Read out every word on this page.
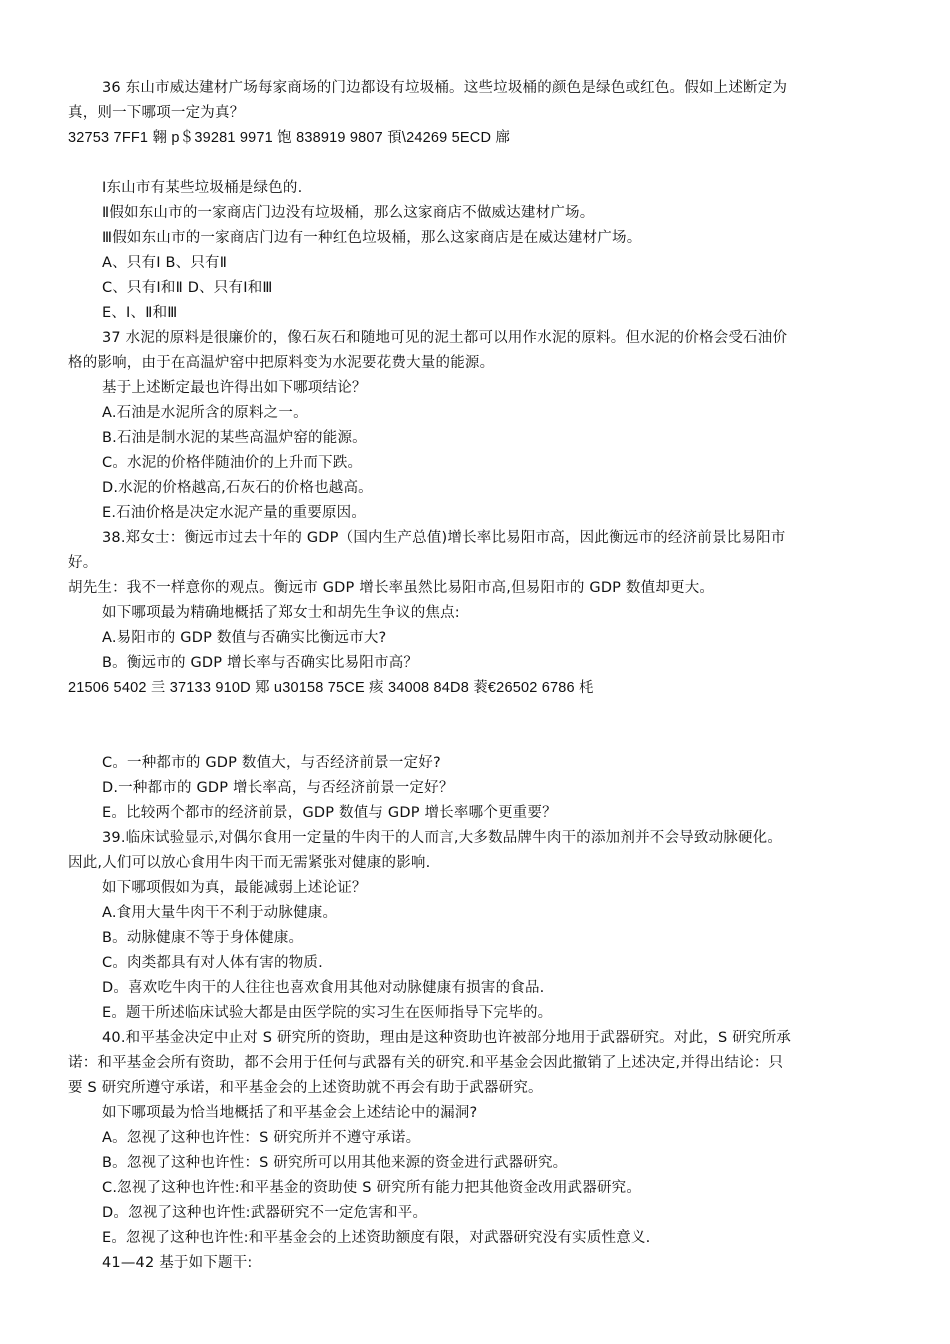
36 东山市威达建材广场每家商场的门边都设有垃圾桶。这些垃圾桶的颜色是绿色或红色。假如上述断定为
真，则一下哪项一定为真？
32753 7FF1 翱 p＄39281 9971 饱 838919 9807 頇\24269 5ECD 廍
Ⅰ东山市有某些垃圾桶是绿色的.
Ⅱ假如东山市的一家商店门边没有垃圾桶，那么这家商店不做威达建材广场。
Ⅲ假如东山市的一家商店门边有一种红色垃圾桶，那么这家商店是在威达建材广场。
A、只有Ⅰ B、只有Ⅱ
C、只有Ⅰ和Ⅱ D、只有Ⅰ和Ⅲ
E、Ⅰ、Ⅱ和Ⅲ
37 水泥的原料是很廉价的，像石灰石和随地可见的泥土都可以用作水泥的原料。但水泥的价格会受石油价
格的影响，由于在高温炉窑中把原料变为水泥要花费大量的能源。
基于上述断定最也许得出如下哪项结论？
A.石油是水泥所含的原料之一。
B.石油是制水泥的某些高温炉窑的能源。
C。水泥的价格伴随油价的上升而下跌。
D.水泥的价格越高,石灰石的价格也越高。
E.石油价格是决定水泥产量的重要原因。
38.郑女士：衡远市过去十年的 GDP（国内生产总值)增长率比易阳市高，因此衡远市的经济前景比易阳市
好。
胡先生：我不一样意你的观点。衡远市 GDP 增长率虽然比易阳市高,但易阳市的 GDP 数值却更大。
如下哪项最为精确地概括了郑女士和胡先生争议的焦点:
A.易阳市的 GDP 数值与否确实比衡远市大?
B。衡远市的 GDP 增长率与否确实比易阳市高？
21506 5402 亖 37133 910D 鄍 u30158 75CE 痎 34008 84D8 蓘€26502 6786 枆
C。一种都市的 GDP 数值大，与否经济前景一定好?
D.一种都市的 GDP 增长率高，与否经济前景一定好？
E。比较两个都市的经济前景，GDP 数值与 GDP 增长率哪个更重要？
39.临床试验显示,对偶尔食用一定量的牛肉干的人而言,大多数品牌牛肉干的添加剂并不会导致动脉硬化。
因此,人们可以放心食用牛肉干而无需紧张对健康的影响.
如下哪项假如为真，最能减弱上述论证？
A.食用大量牛肉干不利于动脉健康。
B。动脉健康不等于身体健康。
C。肉类都具有对人体有害的物质.
D。喜欢吃牛肉干的人往往也喜欢食用其他对动脉健康有损害的食品.
E。题干所述临床试验大都是由医学院的实习生在医师指导下完毕的。
40.和平基金决定中止对 S 研究所的资助，理由是这种资助也许被部分地用于武器研究。对此，S 研究所承
诺：和平基金会所有资助，都不会用于任何与武器有关的研究.和平基金会因此撤销了上述决定,并得出结论：只
要 S 研究所遵守承诺，和平基金会的上述资助就不再会有助于武器研究。
如下哪项最为恰当地概括了和平基金会上述结论中的漏洞?
A。忽视了这种也许性：S 研究所并不遵守承诺。
B。忽视了这种也许性：S 研究所可以用其他来源的资金进行武器研究。
C.忽视了这种也许性:和平基金的资助使 S 研究所有能力把其他资金改用武器研究。
D。忽视了这种也许性:武器研究不一定危害和平。
E。忽视了这种也许性:和平基金会的上述资助额度有限，对武器研究没有实质性意义.
41—42 基于如下题干:
